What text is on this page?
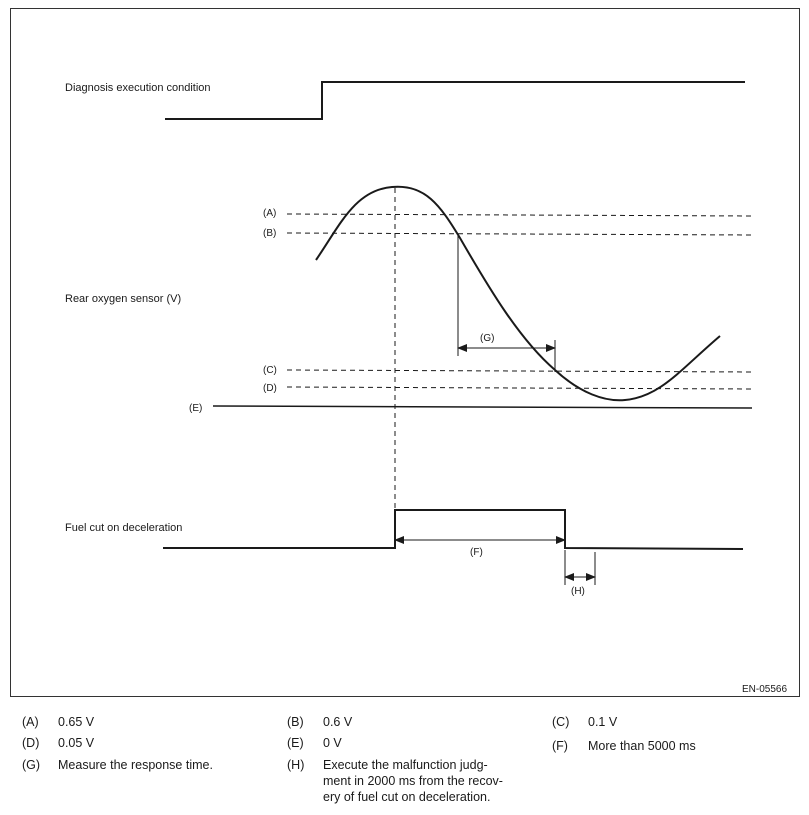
Diagnosis execution condition
(A)
(B)
(C)
(D)
(E)
Rear oxygen sensor (V)
(G)
Fuel cut on deceleration
(F)
(H)
EN-05566
(A)	0.65 V	(B)	0.6 V	(C)	0.1 V
(D)	0.05 V	(E)	0 V	(F)	More than 5000 ms
(G)	Measure the response time.	(H)	Execute the malfunction judg-
ment in 2000 ms from the recov-
ery of fuel cut on deceleration.
